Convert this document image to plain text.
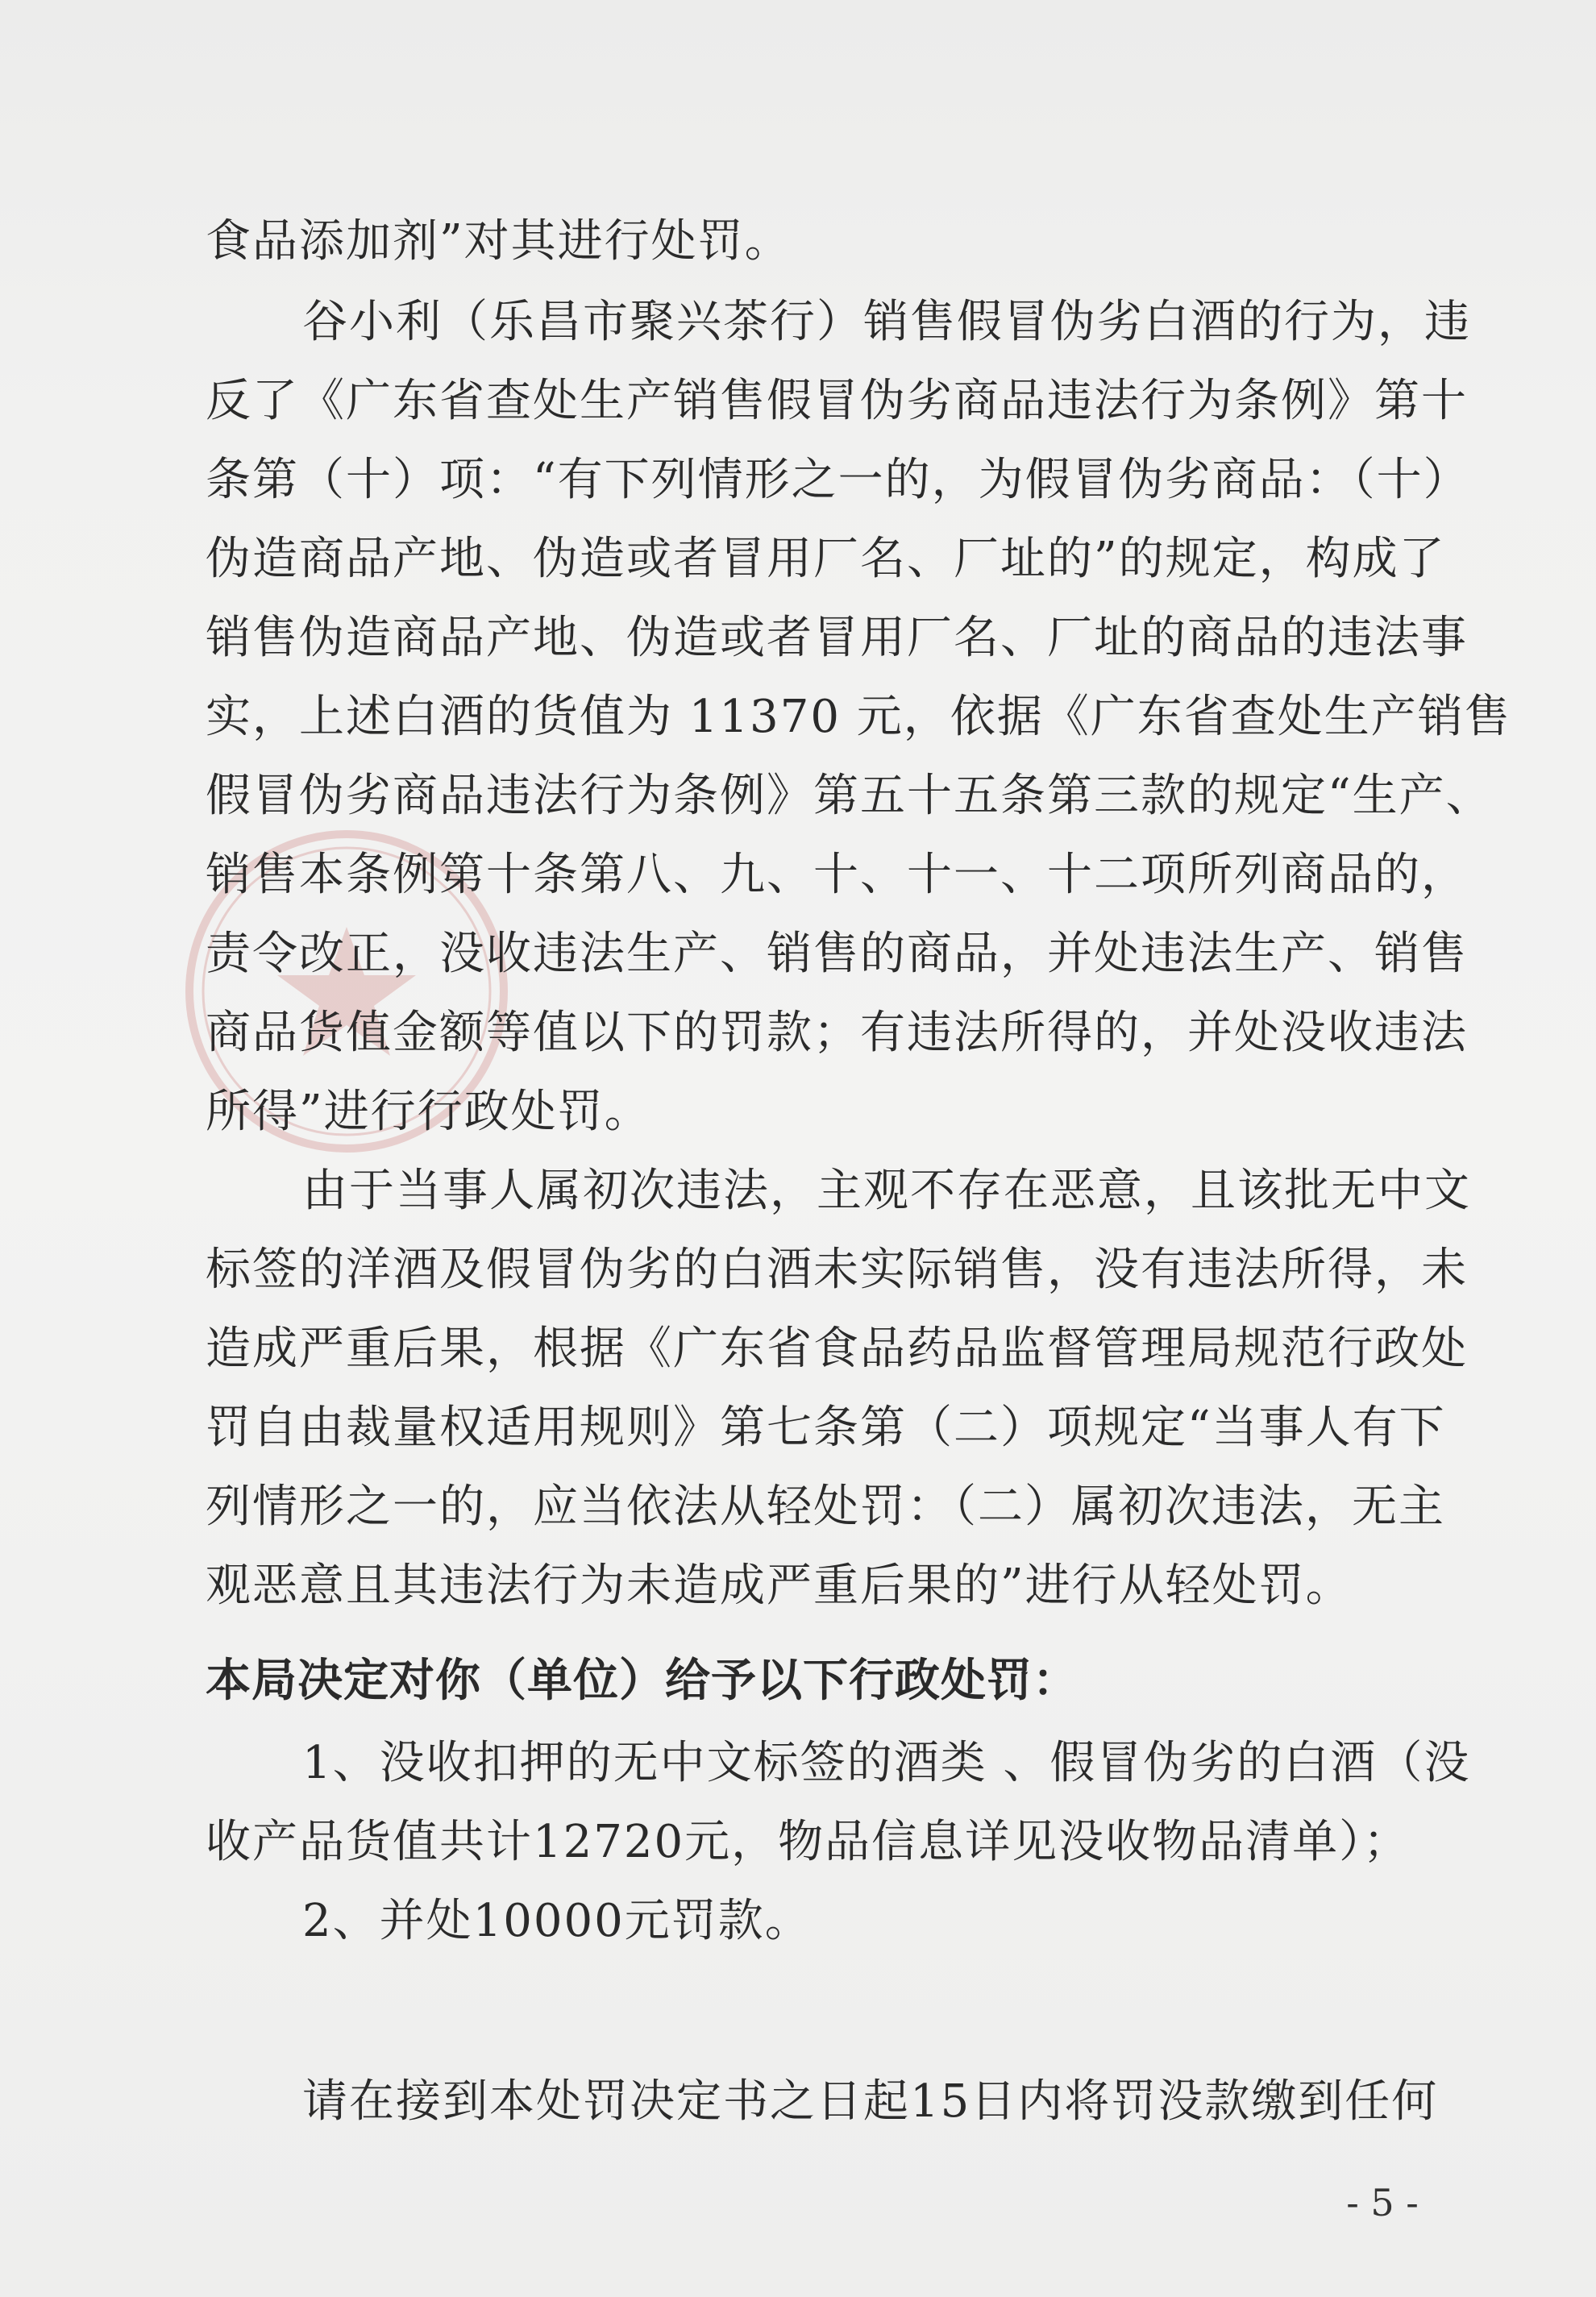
食品添加剂”对其进行处罚。
谷小利（乐昌市聚兴茶行）销售假冒伪劣白酒的行为，违
反了《广东省查处生产销售假冒伪劣商品违法行为条例》第十
条第（十）项：“有下列情形之一的，为假冒伪劣商品：（十）
伪造商品产地、伪造或者冒用厂名、厂址的”的规定，构成了
销售伪造商品产地、伪造或者冒用厂名、厂址的商品的违法事
实，上述白酒的货值为 11370 元，依据《广东省查处生产销售
假冒伪劣商品违法行为条例》第五十五条第三款的规定“生产、
销售本条例第十条第八、九、十、十一、十二项所列商品的，
责令改正，没收违法生产、销售的商品，并处违法生产、销售
商品货值金额等值以下的罚款；有违法所得的，并处没收违法
所得”进行行政处罚。
由于当事人属初次违法，主观不存在恶意，且该批无中文
标签的洋酒及假冒伪劣的白酒未实际销售，没有违法所得，未
造成严重后果，根据《广东省食品药品监督管理局规范行政处
罚自由裁量权适用规则》第七条第（二）项规定“当事人有下
列情形之一的，应当依法从轻处罚：（二）属初次违法，无主
观恶意且其违法行为未造成严重后果的”进行从轻处罚。
本局决定对你（单位）给予以下行政处罚：
1、没收扣押的无中文标签的酒类 、假冒伪劣的白酒（没
收产品货值共计12720元，物品信息详见没收物品清单）；
2、并处10000元罚款。
请在接到本处罚决定书之日起15日内将罚没款缴到任何
- 5 -
